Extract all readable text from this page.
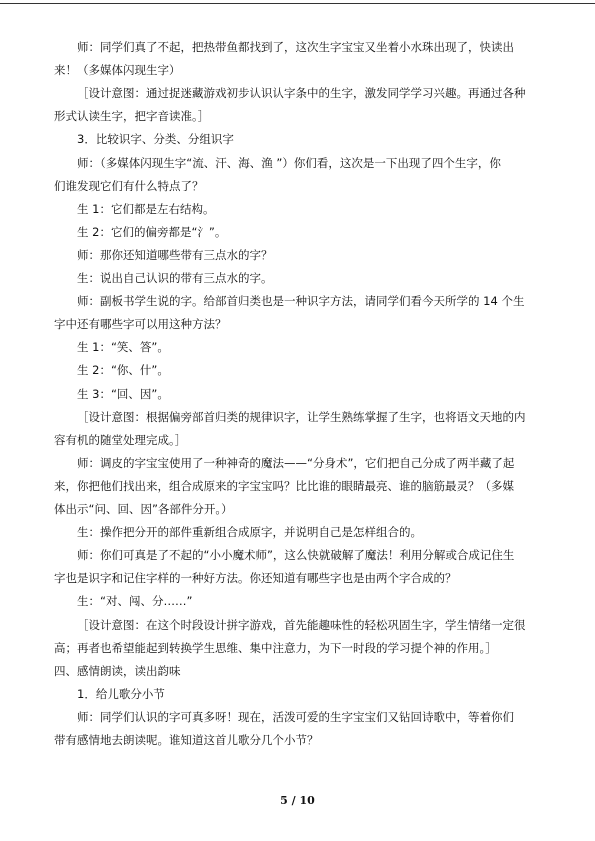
师：同学们真了不起，把热带鱼都找到了，这次生字宝宝又坐着小水珠出现了，快读出
来！（多媒体闪现生字）
［设计意图：通过捉迷藏游戏初步认识认字条中的生字，激发同学学习兴趣。再通过各种
形式认读生字，把字音读准。］
3．比较识字、分类、分组识字
师：（多媒体闪现生字“流、汗、海、渔 ”）你们看，这次是一下出现了四个生字，你
们谁发现它们有什么特点了？
生 1：它们都是左右结构。
生 2：它们的偏旁都是“氵”。
师：那你还知道哪些带有三点水的字？
生：说出自己认识的带有三点水的字。
师：副板书学生说的字。给部首归类也是一种识字方法，请同学们看今天所学的 14 个生
字中还有哪些字可以用这种方法？
生 1：“笑、答”。
生 2：“你、什”。
生 3：“回、因”。
［设计意图：根据偏旁部首归类的规律识字，让学生熟练掌握了生字，也将语文天地的内
容有机的随堂处理完成。］
师：调皮的字宝宝使用了一种神奇的魔法——“分身术”，它们把自己分成了两半藏了起
来，你把他们找出来，组合成原来的字宝宝吗？比比谁的眼睛最亮、谁的脑筋最灵？（多媒
体出示“问、回、因”各部件分开。）
生：操作把分开的部件重新组合成原字，并说明自己是怎样组合的。
师：你们可真是了不起的“小小魔术师”，这么快就破解了魔法！利用分解或合成记住生
字也是识字和记住字样的一种好方法。你还知道有哪些字也是由两个字合成的？
生：“对、闯、分……”
［设计意图：在这个时段设计拼字游戏，首先能趣味性的轻松巩固生字，学生情绪一定很
高；再者也希望能起到转换学生思维、集中注意力，为下一时段的学习提个神的作用。］
四、感情朗读，读出韵味
1．给儿歌分小节
师：同学们认识的字可真多呀！现在，活泼可爱的生字宝宝们又钻回诗歌中，等着你们
带有感情地去朗读呢。谁知道这首儿歌分几个小节？
5 / 10
